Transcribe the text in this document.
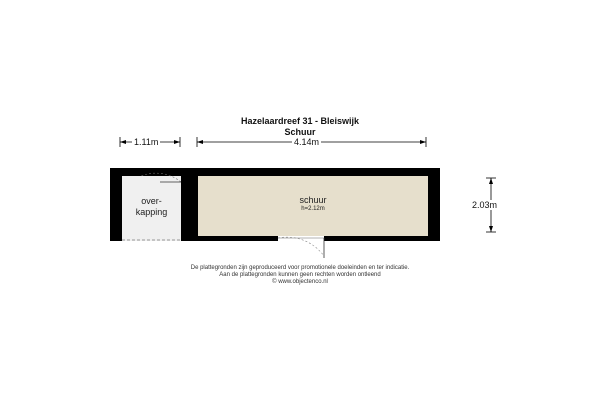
Hazelaardreef 31 - Bleiswijk
Schuur
1.11m	4.14m
2.03m
over-
kapping
schuur
h=2.12m
De plattegronden zijn geproduceerd voor promotionele doeleinden en ter indicatie.
Aan de plattegronden kunnen geen rechten worden ontleend
© www.objectenco.nl
